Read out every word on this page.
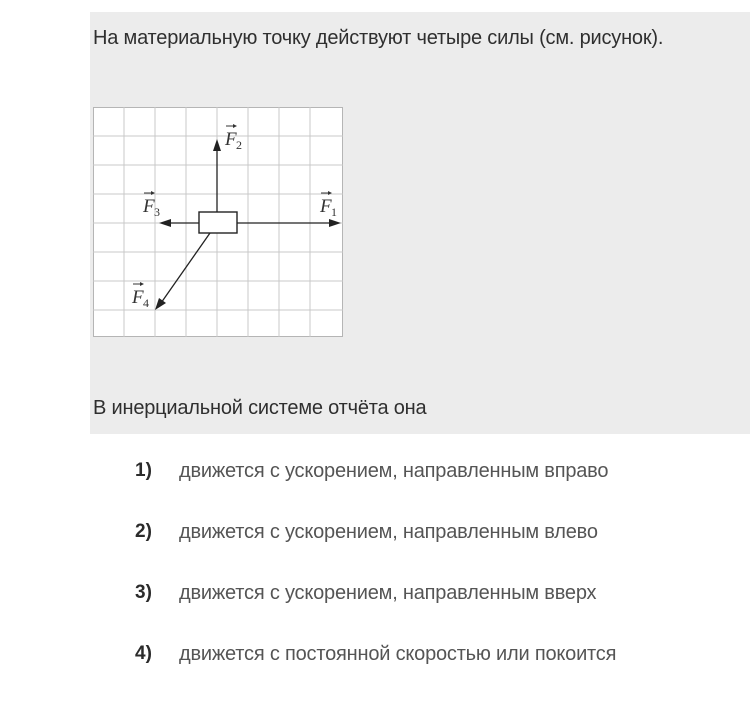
На материальную точку действуют четыре силы (см. рисунок).
F 2
F 3	F 1
F 4
В инерциальной системе отчёта она
1)	движется с ускорением, направленным вправо
2)	движется с ускорением, направленным влево
3)	движется с ускорением, направленным вверх
4)	движется с постоянной скоростью или покоится
